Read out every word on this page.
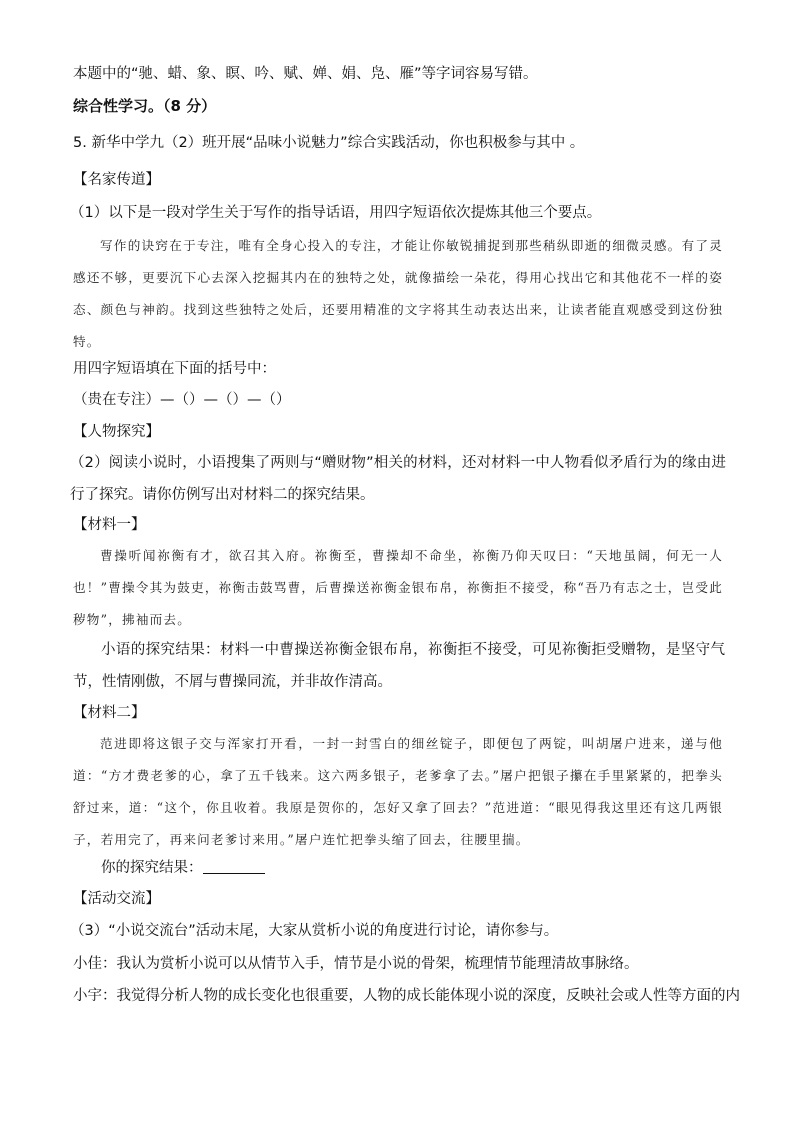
本题中的“驰、蜡、象、瞑、吟、赋、婵、娟、凫、雁”等字词容易写错。
综合性学习。（8 分）
5. 新华中学九（2）班开展“品味小说魅力”综合实践活动，你也积极参与其中 。
【名家传道】
（1）以下是一段对学生关于写作的指导话语，用四字短语依次提炼其他三个要点。
写作的诀窍在于专注，唯有全身心投入的专注，才能让你敏锐捕捉到那些稍纵即逝的细微灵感。有了灵感还不够，更要沉下心去深入挖掘其内在的独特之处，就像描绘一朵花，得用心找出它和其他花不一样的姿态、颜色与神韵。找到这些独特之处后，还要用精准的文字将其生动表达出来，让读者能直观感受到这份独特。
用四字短语填在下面的括号中：
（贵在专注）—（）—（）—（）
【人物探究】
（2）阅读小说时，小语搜集了两则与“赠财物”相关的材料，还对材料一中人物看似矛盾行为的缘由进行了探究。请你仿例写出对材料二的探究结果。
【材料一】
曹操听闻祢衡有才，欲召其入府。祢衡至，曹操却不命坐，祢衡乃仰天叹曰：“天地虽阔，何无一人也！”曹操令其为鼓吏，祢衡击鼓骂曹，后曹操送祢衡金银布帛，祢衡拒不接受，称“吾乃有志之士，岂受此秽物”，拂袖而去。
小语的探究结果：材料一中曹操送祢衡金银布帛，祢衡拒不接受，可见祢衡拒受赠物，是坚守气节，性情刚傲，不屑与曹操同流，并非故作清高。
【材料二】
范进即将这银子交与浑家打开看，一封一封雪白的细丝锭子，即便包了两锭，叫胡屠户进来，递与他道：“方才费老爹的心，拿了五千钱来。这六两多银子，老爹拿了去。”屠户把银子攥在手里紧紧的，把拳头舒过来，道：“这个，你且收着。我原是贺你的，怎好又拿了回去？”范进道：“眼见得我这里还有这几两银子，若用完了，再来问老爹讨来用。”屠户连忙把拳头缩了回去，往腰里揣。
你的探究结果：
【活动交流】
（3）“小说交流台”活动末尾，大家从赏析小说的角度进行讨论，请你参与。
小佳：我认为赏析小说可以从情节入手，情节是小说的骨架，梳理情节能理清故事脉络。
小宇：我觉得分析人物的成长变化也很重要，人物的成长能体现小说的深度，反映社会或人性等方面的内
